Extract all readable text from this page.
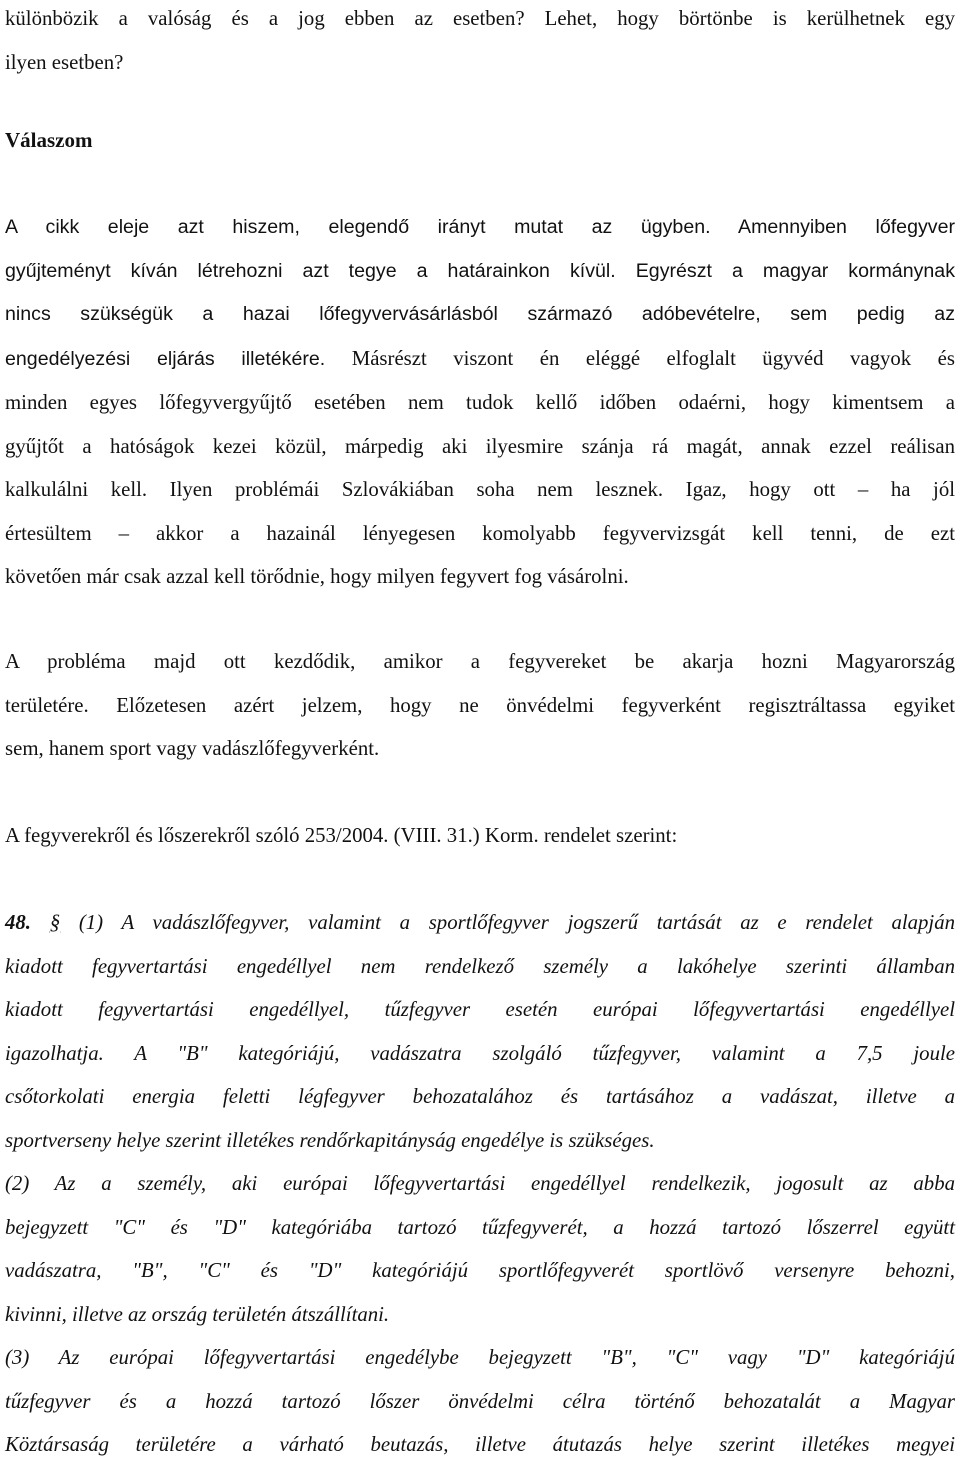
különbözik a valóság és a jog ebben az esetben? Lehet, hogy börtönbe is kerülhetnek egy
ilyen esetben?
Válaszom
A cikk eleje azt hiszem, elegendő irányt mutat az ügyben. Amennyiben lőfegyver
gyűjteményt kíván létrehozni azt tegye a határainkon kívül. Egyrészt a magyar kormánynak
nincs szükségük a hazai lőfegyvervásárlásból származó adóbevételre, sem pedig az
engedélyezési eljárás illetékére. Másrészt viszont én eléggé elfoglalt ügyvéd vagyok és
minden egyes lőfegyvergyűjtő esetében nem tudok kellő időben odaérni, hogy kimentsem a
gyűjtőt a hatóságok kezei közül, márpedig aki ilyesmire szánja rá magát, annak ezzel reálisan
kalkulálni kell. Ilyen problémái Szlovákiában soha nem lesznek. Igaz, hogy ott – ha jól
értesültem – akkor a hazainál lényegesen komolyabb fegyvervizsgát kell tenni, de ezt
követően már csak azzal kell törődnie, hogy milyen fegyvert fog vásárolni.
A probléma majd ott kezdődik, amikor a fegyvereket be akarja hozni Magyarország
területére. Előzetesen azért jelzem, hogy ne önvédelmi fegyverként regisztráltassa egyiket
sem, hanem sport vagy vadászlőfegyverként.
A fegyverekről és lőszerekről szóló 253/2004. (VIII. 31.) Korm. rendelet szerint:
48. § (1) A vadászlőfegyver, valamint a sportlőfegyver jogszerű tartását az e rendelet alapján
kiadott fegyvertartási engedéllyel nem rendelkező személy a lakóhelye szerinti államban
kiadott fegyvertartási engedéllyel, tűzfegyver esetén európai lőfegyvertartási engedéllyel
igazolhatja. A "B" kategóriájú, vadászatra szolgáló tűzfegyver, valamint a 7,5 joule
csőtorkolati energia feletti légfegyver behozatalához és tartásához a vadászat, illetve a
sportverseny helye szerint illetékes rendőrkapitányság engedélye is szükséges.
(2) Az a személy, aki európai lőfegyvertartási engedéllyel rendelkezik, jogosult az abba
bejegyzett "C" és "D" kategóriába tartozó tűzfegyverét, a hozzá tartozó lőszerrel együtt
vadászatra, "B", "C" és "D" kategóriájú sportlőfegyverét sportlövő versenyre behozni,
kivinni, illetve az ország területén átszállítani.
(3) Az európai lőfegyvertartási engedélybe bejegyzett "B", "C" vagy "D" kategóriájú
tűzfegyver és a hozzá tartozó lőszer önvédelmi célra történő behozatalát a Magyar
Köztársaság területére a várható beutazás, illetve átutazás helye szerint illetékes megyei
